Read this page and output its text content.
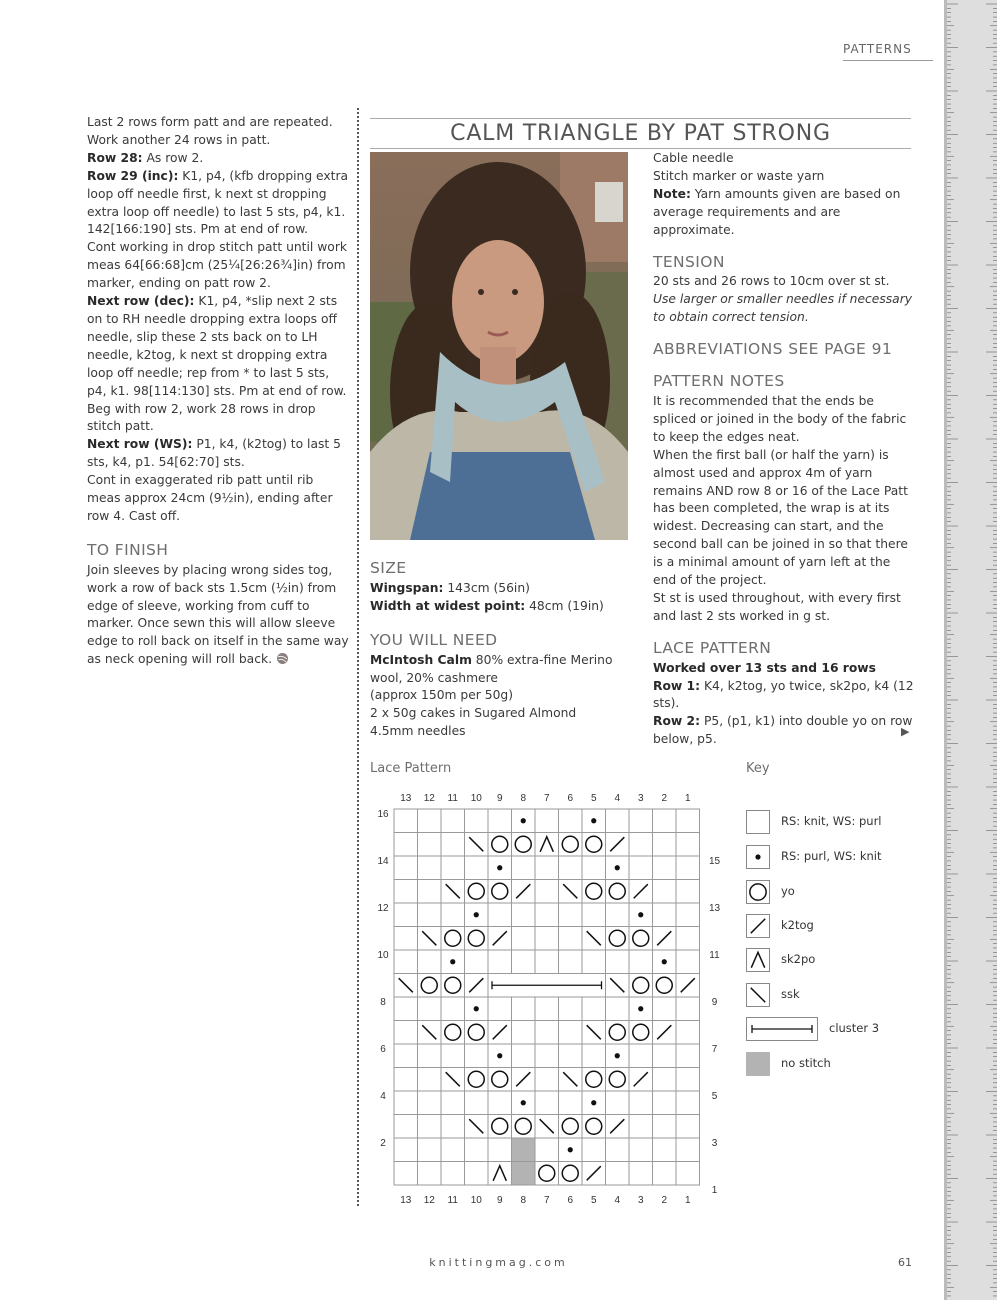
PATTERNS

Last 2 rows form patt and are repeated. Work another 24 rows in patt.

Row 28: As row 2.

Row 29 (inc): K1, p4, (kfb dropping extra loop off needle first, k next st dropping extra loop off needle) to last 5 sts, p4, k1. 142[166:190] sts. Pm at end of row.

Cont working in drop stitch patt until work meas 64[66:68]cm (25¼[26:26¾]in) from marker, ending on patt row 2.

Next row (dec): K1, p4, *slip next 2 sts on to RH needle dropping extra loops off needle, slip these 2 sts back on to LH needle, k2tog, k next st dropping extra loop off needle; rep from * to last 5 sts, p4, k1. 98[114:130] sts. Pm at end of row. Beg with row 2, work 28 rows in drop stitch patt.

Next row (WS): P1, k4, (k2tog) to last 5 sts, k4, p1. 54[62:70] sts.

Cont in exaggerated rib patt until rib meas approx 24cm (9½in), ending after row 4. Cast off.

TO FINISH

Join sleeves by placing wrong sides tog, work a row of back sts 1.5cm (½in) from edge of sleeve, working from cuff to marker. Once sewn this will allow sleeve edge to roll back on itself in the same way as neck opening will roll back.

CALM TRIANGLE BY PAT STRONG
SIZE

Wingspan: 143cm (56in)

Width at widest point: 48cm (19in)

YOU WILL NEED

McIntosh Calm 80% extra-fine Merino wool, 20% cashmere

(approx 150m per 50g)

2 x 50g cakes in Sugared Almond

4.5mm needles

Cable needle

Stitch marker or waste yarn

Note: Yarn amounts given are based on average requirements and are approximate.

TENSION

20 sts and 26 rows to 10cm over st st.

Use larger or smaller needles if necessary to obtain correct tension.

ABBREVIATIONS SEE PAGE 91
PATTERN NOTES

It is recommended that the ends be spliced or joined in the body of the fabric to keep the edges neat.

When the first ball (or half the yarn) is almost used and approx 4m of yarn remains AND row 8 or 16 of the Lace Patt has been completed, the wrap is at its widest. Decreasing can start, and the second ball can be joined in so that there is a minimal amount of yarn left at the end of the project.

St st is used throughout, with every first and last 2 sts worked in g st.

LACE PATTERN

Worked over 13 sts and 16 rows

Row 1: K4, k2tog, yo twice, sk2po, k4 (12 sts).

Row 2: P5, (p1, k1) into double yo on row below, p5.

▶
Lace Pattern	Key
13
13
12
12
11
11
10
10
9
9
8
8
7
7
6
6
5
5
4
4
3
3
2
2
1
1
16
15
14
13
12
11
10
9
8
7
6
5
4
3
2
1
RS: knit, WS: purl
RS: purl, WS: knit
yo
k2tog
sk2po
ssk
cluster 3
no stitch
knittingmag.com	61
